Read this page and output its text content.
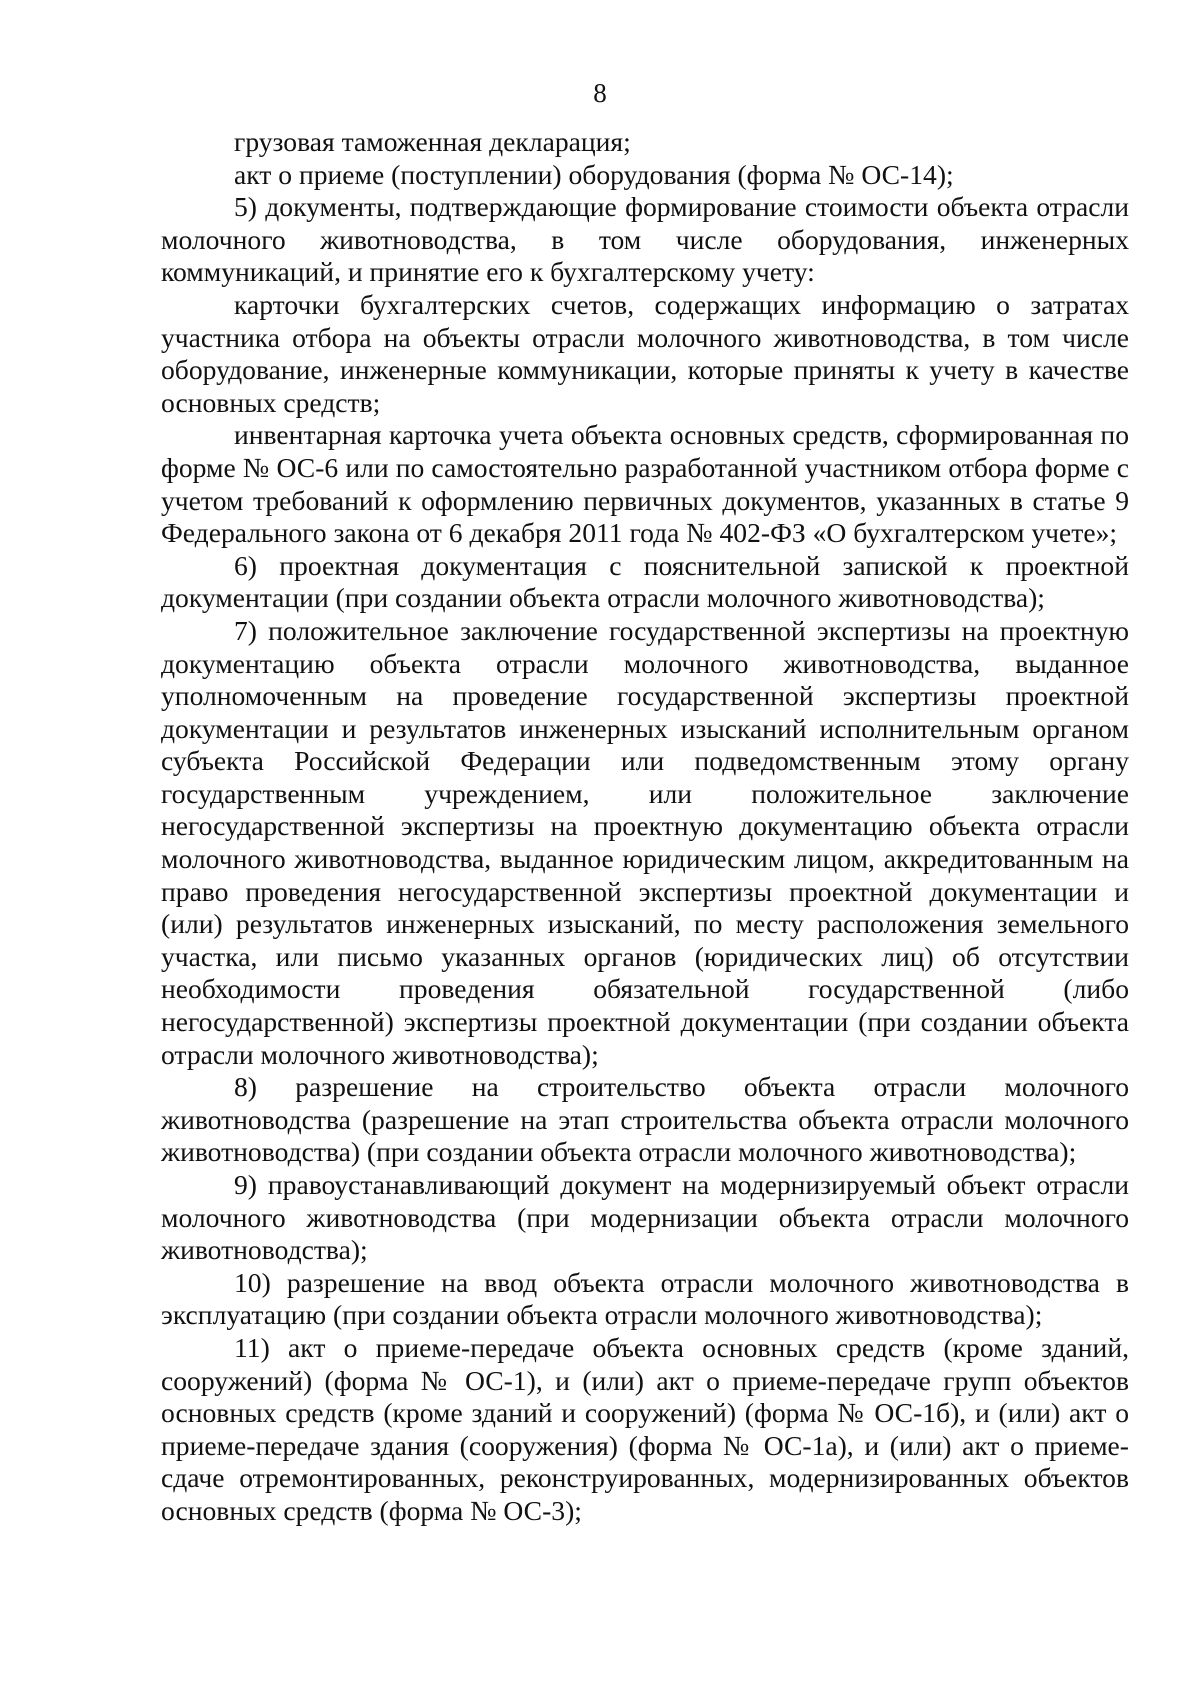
8

грузовая таможенная декларация;

акт о приеме (поступлении) оборудования (форма № ОС-14);

5) документы, подтверждающие формирование стоимости объекта отрасли молочного животноводства, в том числе оборудования, инженерных коммуникаций, и принятие его к бухгалтерскому учету:

карточки бухгалтерских счетов, содержащих информацию о затратах участника отбора на объекты отрасли молочного животноводства, в том числе оборудование, инженерные коммуникации, которые приняты к учету в качестве основных средств;

инвентарная карточка учета объекта основных средств, сформированная по форме № ОС-6 или по самостоятельно разработанной участником отбора форме с учетом требований к оформлению первичных документов, указанных в статье 9 Федерального закона от 6 декабря 2011 года № 402-ФЗ «О бухгалтерском учете»;

6) проектная документация с пояснительной запиской к проектной документации (при создании объекта отрасли молочного животноводства);

7) положительное заключение государственной экспертизы на проектную документацию объекта отрасли молочного животноводства, выданное уполномоченным на проведение государственной экспертизы проектной документации и результатов инженерных изысканий исполнительным органом субъекта Российской Федерации или подведомственным этому органу государственным учреждением, или положительное заключение негосударственной экспертизы на проектную документацию объекта отрасли молочного животноводства, выданное юридическим лицом, аккредитованным на право проведения негосударственной экспертизы проектной документации и (или) результатов инженерных изысканий, по месту расположения земельного участка, или письмо указанных органов (юридических лиц) об отсутствии необходимости проведения обязательной государственной (либо негосударственной) экспертизы проектной документации (при создании объекта отрасли молочного животноводства);

8) разрешение на строительство объекта отрасли молочного животноводства (разрешение на этап строительства объекта отрасли молочного животноводства) (при создании объекта отрасли молочного животноводства);

9) правоустанавливающий документ на модернизируемый объект отрасли молочного животноводства (при модернизации объекта отрасли молочного животноводства);

10) разрешение на ввод объекта отрасли молочного животноводства в эксплуатацию (при создании объекта отрасли молочного животноводства);

11) акт о приеме-передаче объекта основных средств (кроме зданий, сооружений) (форма № ОС-1), и (или) акт о приеме-передаче групп объектов основных средств (кроме зданий и сооружений) (форма № ОС-1б), и (или) акт о приеме-передаче здания (сооружения) (форма № ОС-1а), и (или) акт о приеме-сдаче отремонтированных, реконструированных, модернизированных объектов основных средств (форма № ОС-3);
